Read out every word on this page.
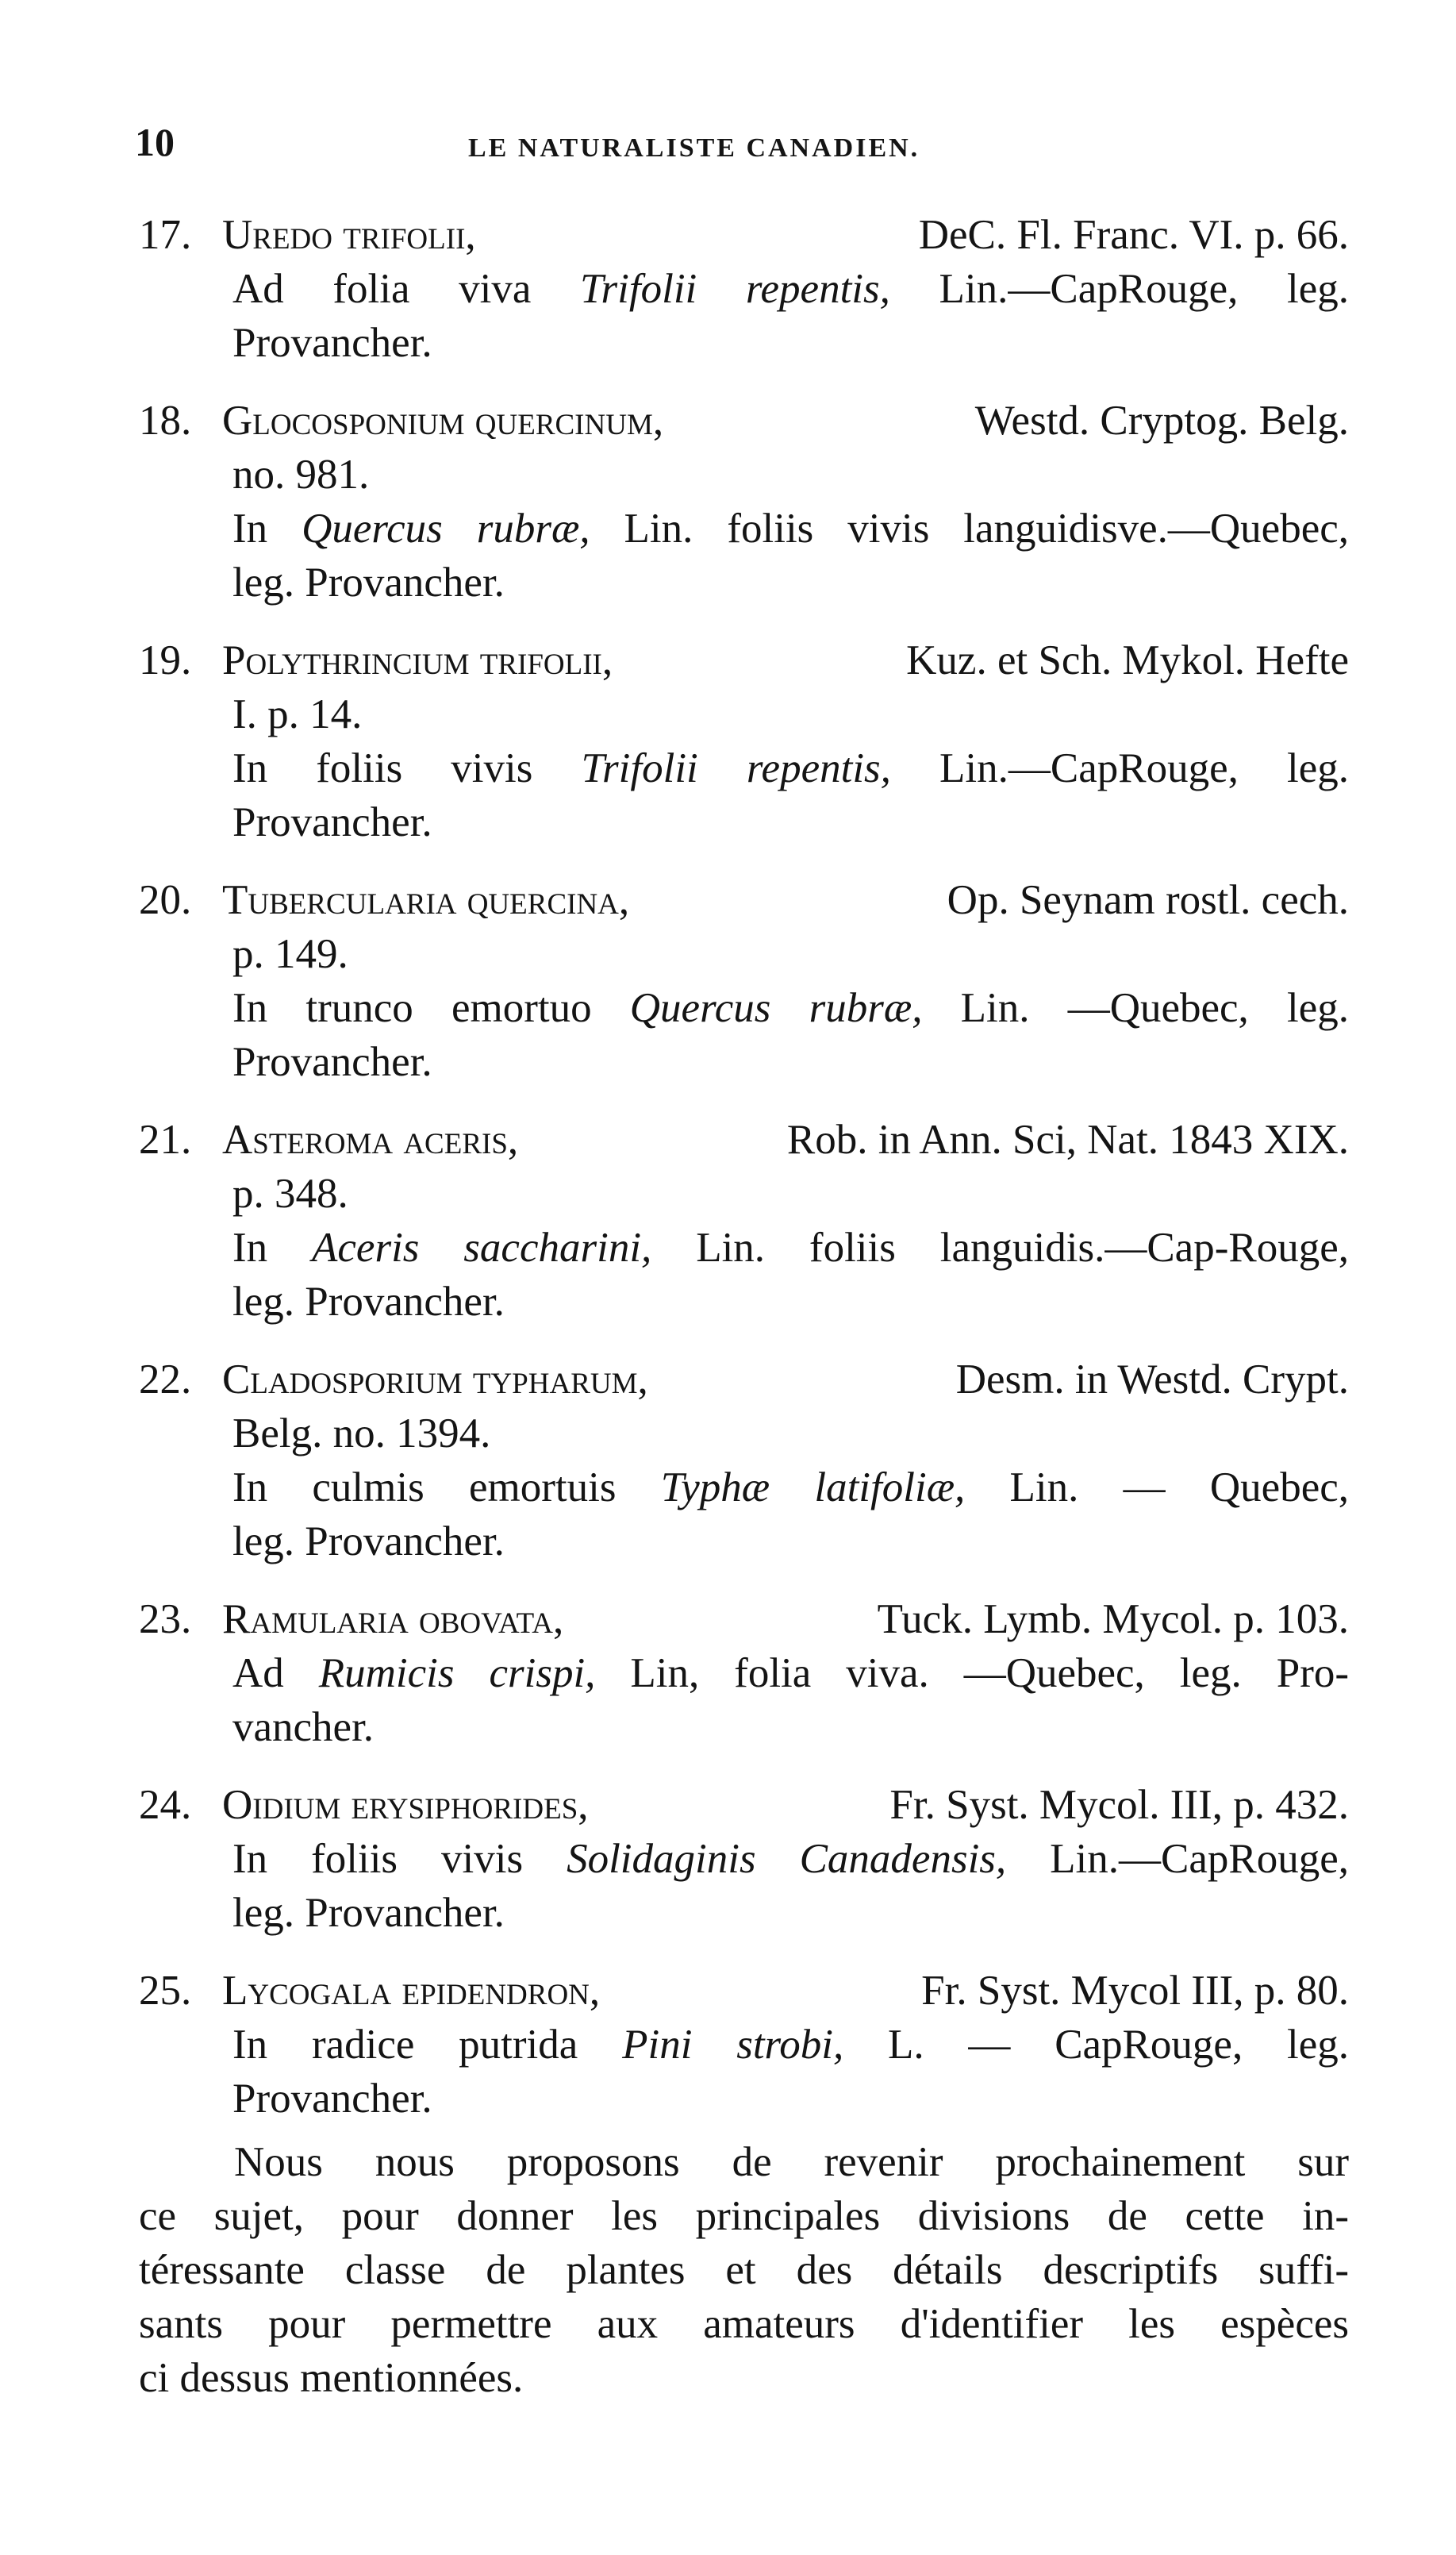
10	LE NATURALISTE CANADIEN.
17. Uredo trifolii,	DeC. Fl. Franc. VI. p. 66.
Ad folia viva Trifolii repentis, Lin.—CapRouge, leg.
Provancher.
18. Glocosponium quercinum,	Westd. Cryptog. Belg.
no. 981.
In Quercus rubræ, Lin. foliis vivis languidisve.—Quebec,
leg. Provancher.
19. Polythrincium trifolii,	Kuz. et Sch. Mykol. Hefte
I. p. 14.
In foliis vivis Trifolii repentis, Lin.—CapRouge, leg.
Provancher.
20. Tubercularia quercina,	Op. Seynam rostl. cech.
p. 149.
In trunco emortuo Quercus rubræ, Lin. —Quebec, leg.
Provancher.
21. Asteroma aceris,	Rob. in Ann. Sci, Nat. 1843 XIX.
p. 348.
In Aceris saccharini, Lin. foliis languidis.—Cap-Rouge,
leg. Provancher.
22. Cladosporium typharum,	Desm. in Westd. Crypt.
Belg. no. 1394.
In culmis emortuis Typhæ latifoliæ, Lin. — Quebec,
leg. Provancher.
23. Ramularia obovata,	Tuck. Lymb. Mycol. p. 103.
Ad Rumicis crispi, Lin, folia viva. —Quebec, leg. Pro-
vancher.
24. Oidium erysiphorides,	Fr. Syst. Mycol. III, p. 432.
In foliis vivis Solidaginis Canadensis, Lin.—CapRouge,
leg. Provancher.
25. Lycogala epidendron,	Fr. Syst. Mycol III, p. 80.
In radice putrida Pini strobi, L. — CapRouge, leg.
Provancher.
Nous nous proposons de revenir prochainement sur
ce sujet, pour donner les principales divisions de cette in-
téressante classe de plantes et des détails descriptifs suffi-
sants pour permettre aux amateurs d'identifier les espèces
ci dessus mentionnées.
